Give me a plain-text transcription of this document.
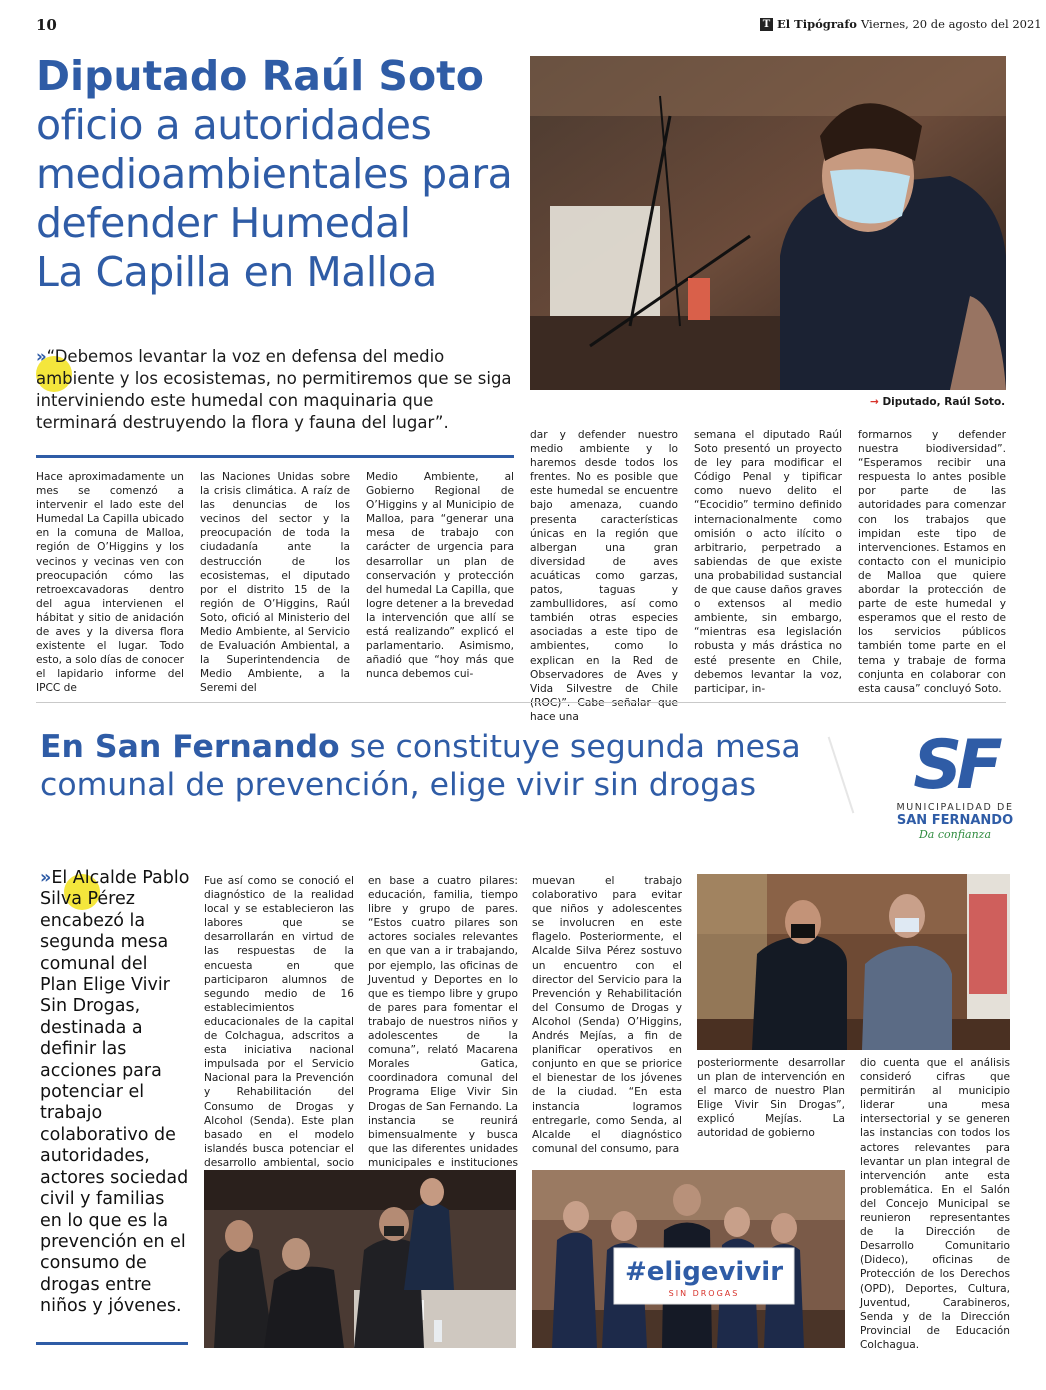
10	T El Tipógrafo Viernes, 20 de agosto del 2021
Diputado Raúl Soto
oficio a autoridades
medioambientales para
defender Humedal
La Capilla en Malloa
→ Diputado, Raúl Soto.
»“Debemos levantar la voz en defensa del medio ambiente y los ecosistemas, no permitiremos que se siga interviniendo este humedal con maquinaria que terminará destruyendo la flora y fauna del lugar”.

Hace aproximadamente un mes se comenzó a intervenir el lado este del Humedal La Capilla ubicado en la comuna de Malloa, región de O’Higgins y los vecinos y vecinas ven con preocupación cómo las retroexcavadoras dentro del agua intervienen el hábitat y sitio de anidación de aves y la diversa flora existente el lugar. Todo esto, a solo días de conocer el lapidario informe del IPCC de

las Naciones Unidas sobre la crisis climática. A raíz de las denuncias de los vecinos del sector y la preocupación de toda la ciudadanía ante la destrucción de los ecosistemas, el diputado por el distrito 15 de la región de O’Higgins, Raúl Soto, ofició al Ministerio del Medio Ambiente, al Servicio de Evaluación Ambiental, a la Superintendencia de Medio Ambiente, a la Seremi del

Medio Ambiente, al Gobierno Regional de O’Higgins y al Municipio de Malloa, para “generar una mesa de trabajo con carácter de urgencia para desarrollar un plan de conservación y protección del humedal La Capilla, que logre detener a la brevedad la intervención que allí se está realizando” explicó el parlamentario. Asimismo, añadió que “hoy más que nunca debemos cui-

dar y defender nuestro medio ambiente y lo haremos desde todos los frentes. No es posible que este humedal se encuentre bajo amenaza, cuando presenta características únicas en la región que albergan una gran diversidad de aves acuáticas como garzas, patos, taguas y zambullidores, así como también otras especies asociadas a este tipo de ambientes, como lo explican en la Red de Observadores de Aves y Vida Silvestre de Chile hace una

semana el diputado Raúl Soto presentó un proyecto de ley para modificar el Código Penal y tipificar como nuevo delito el “Ecocidio” termino definido internacionalmente como omisión o acto ilícito o arbitrario, perpetrado a sabiendas de que existe una probabilidad sustancial de que cause daños graves o extensos al medio ambiente, sin embargo, “mientras esa legislación robusta y más drástica no esté presente en Chile, debemos levantar la voz, participar, in-

formarnos y defender nuestra biodiversidad”. “Esperamos recibir una respuesta lo antes posible por parte de las autoridades para comenzar con los trabajos que impidan este tipo de intervenciones. Estamos en contacto con el municipio de Malloa que quiere abordar la protección de parte de este humedal y esperamos que el resto de los servicios públicos también tome parte en el tema y trabaje de forma conjunta en colaborar con esta causa” concluyó Soto.

En San Fernando se constituye segunda mesa comunal de prevención, elige vivir sin drogas	SF
MUNICIPALIDAD DE
SAN FERNANDO
Da confianza
»El Alcalde Pablo Silva Pérez encabezó la segunda mesa comunal del Plan Elige Vivir Sin Drogas, destinada a definir las acciones para potenciar el trabajo colaborativo de autoridades, actores sociedad civil y familias en lo que es la prevención en el consumo de drogas entre niños y jóvenes.

Fue así como se conoció el diagnóstico de la realidad local y se establecieron las labores que se desarrollarán en virtud de las respuestas de la encuesta en que participaron alumnos de segundo medio de 16 establecimientos educacionales de la capital de Colchagua, adscritos a esta iniciativa nacional impulsada por el Servicio Nacional para la Prevención y Rehabilitación del Consumo de Drogas y Alcohol (Senda). Este plan basado en el modelo islandés busca potenciar el desarrollo ambiental, socio

en base a cuatro pilares: educación, familia, tiempo libre y grupo de pares. “Estos cuatro pilares son actores sociales relevantes en que van a ir trabajando, por ejemplo, las oficinas de Juventud y Deportes en lo que es tiempo libre y grupo de pares para fomentar el trabajo de nuestros niños y adolescentes de la comuna”, relató Macarena Morales Gatica, coordinadora comunal del Programa Elige Vivir Sin Drogas de San Fernando. La instancia se reunirá bimensualmente y busca que las diferentes unidades municipales e instituciones

muevan el trabajo colaborativo para evitar que niños y adolescentes se involucren en este flagelo. Posteriormente, el Alcalde Silva Pérez sostuvo un encuentro con el director del Servicio para la Prevención y Rehabilitación del Consumo de Drogas y Alcohol (Senda) O’Higgins, Andrés Mejías, a fin de planificar operativos en conjunto en que se priorice el bienestar de los jóvenes de la ciudad. “En esta instancia logramos entregarle, como Senda, al Alcalde el diagnóstico comunal del consumo, para

posteriormente desarrollar un plan de intervención en el marco de nuestro Plan Elige Vivir Sin Drogas”, explicó Mejías. La autoridad de gobierno

dio cuenta que el análisis consideró cifras que permitirán al municipio liderar una mesa intersectorial y se generen las instancias con todos los actores relevantes para levantar un plan integral de intervención ante esta problemática. En el Salón del Concejo Municipal se reunieron representantes de la Dirección de Desarrollo Comunitario (Dideco), oficinas de Protección de los Derechos (OPD), Deportes, Cultura, Juventud, Carabineros, Senda y de la Dirección Provincial de Educación Colchagua.

#eligevivir
SIN DROGAS
